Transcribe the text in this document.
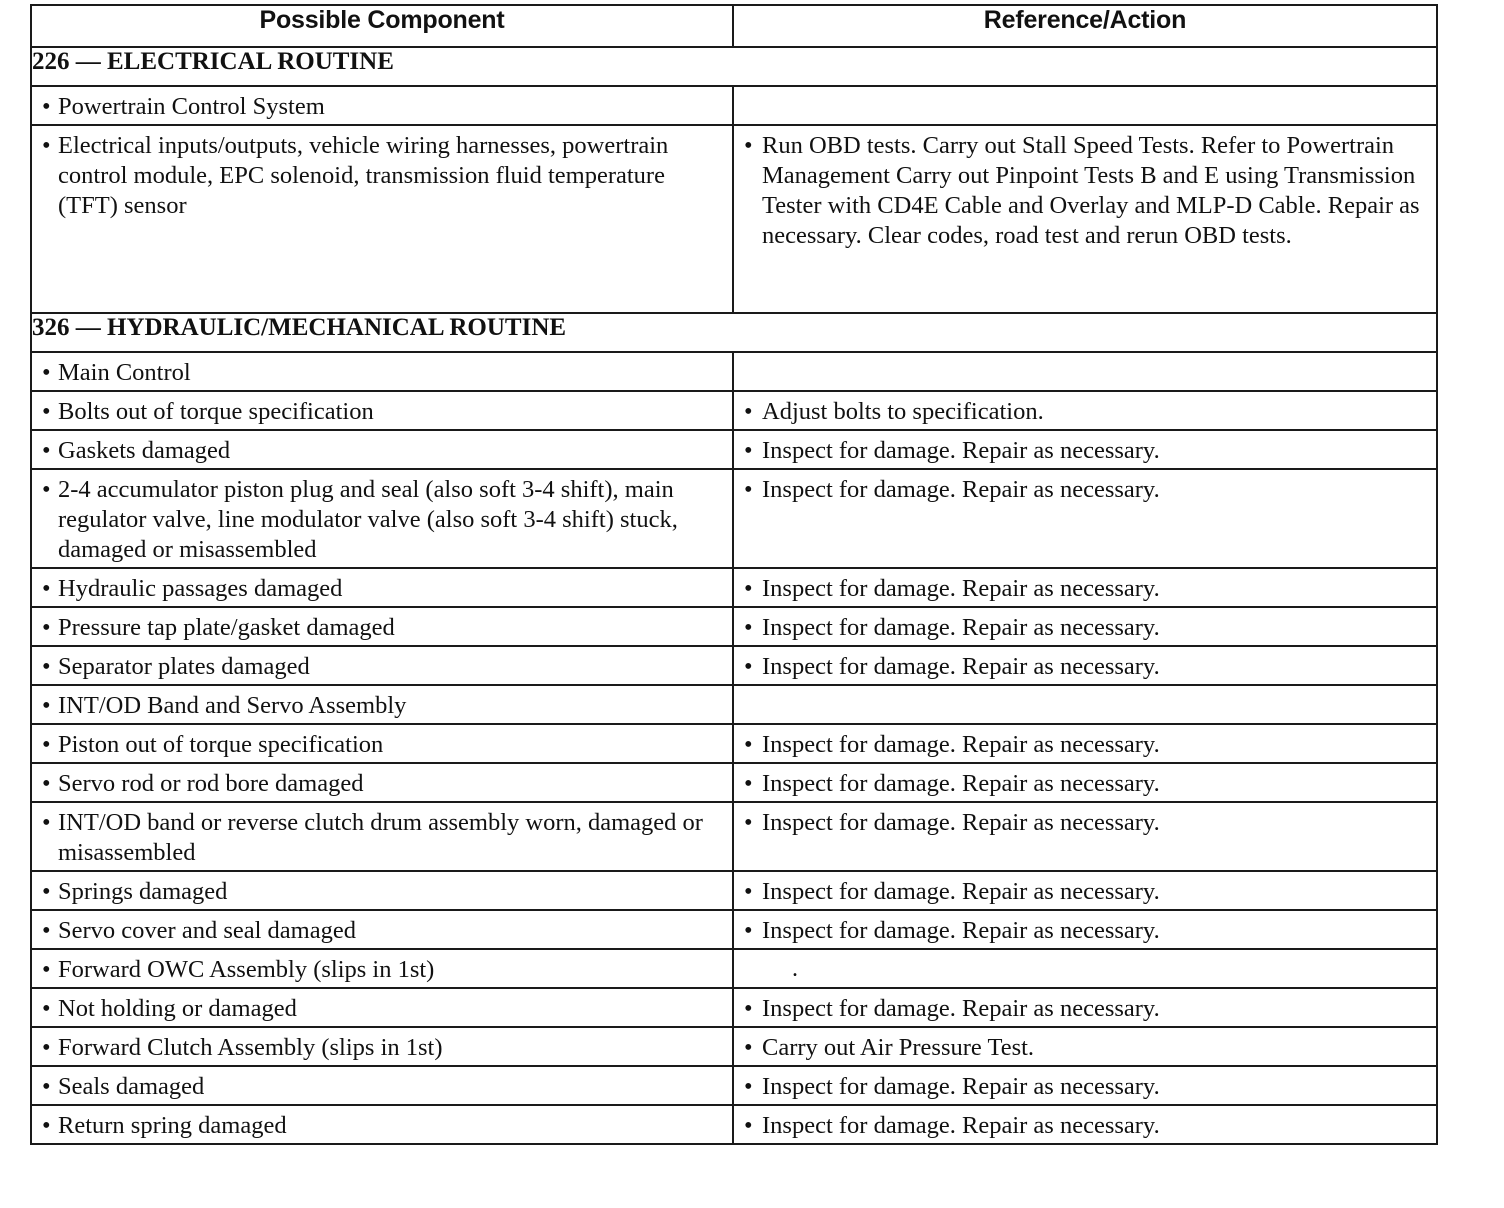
Possible Component	Reference/Action
226 — ELECTRICAL ROUTINE	

• Powertrain Control System	

• Electrical inputs/outputs, vehicle wiring harnesses, powertrain control module, EPC solenoid, transmission fluid temperature (TFT) sensor	• Run OBD tests. Carry out Stall Speed Tests. Refer to Powertrain Management Carry out Pinpoint Tests B and E using Transmission Tester with CD4E Cable and Overlay and MLP-D Cable. Repair as necessary. Clear codes, road test and rerun OBD tests.

326 — HYDRAULIC/MECHANICAL ROUTINE	

• Main Control	

• Bolts out of torque specification	• Adjust bolts to specification.

• Gaskets damaged	• Inspect for damage. Repair as necessary.

• 2-4 accumulator piston plug and seal (also soft 3-4 shift), main regulator valve, line modulator valve (also soft 3-4 shift) stuck, damaged or misassembled	• Inspect for damage. Repair as necessary.

• Hydraulic passages damaged	• Inspect for damage. Repair as necessary.

• Pressure tap plate/gasket damaged	• Inspect for damage. Repair as necessary.

• Separator plates damaged	• Inspect for damage. Repair as necessary.

• INT/OD Band and Servo Assembly	

• Piston out of torque specification	• Inspect for damage. Repair as necessary.

• Servo rod or rod bore damaged	• Inspect for damage. Repair as necessary.

• INT/OD band or reverse clutch drum assembly worn, damaged or misassembled	• Inspect for damage. Repair as necessary.

• Springs damaged	• Inspect for damage. Repair as necessary.

• Servo cover and seal damaged	• Inspect for damage. Repair as necessary.

• Forward OWC Assembly (slips in 1st)	.

• Not holding or damaged	• Inspect for damage. Repair as necessary.

• Forward Clutch Assembly (slips in 1st)	• Carry out Air Pressure Test.

• Seals damaged	• Inspect for damage. Repair as necessary.

• Return spring damaged	• Inspect for damage. Repair as necessary.
